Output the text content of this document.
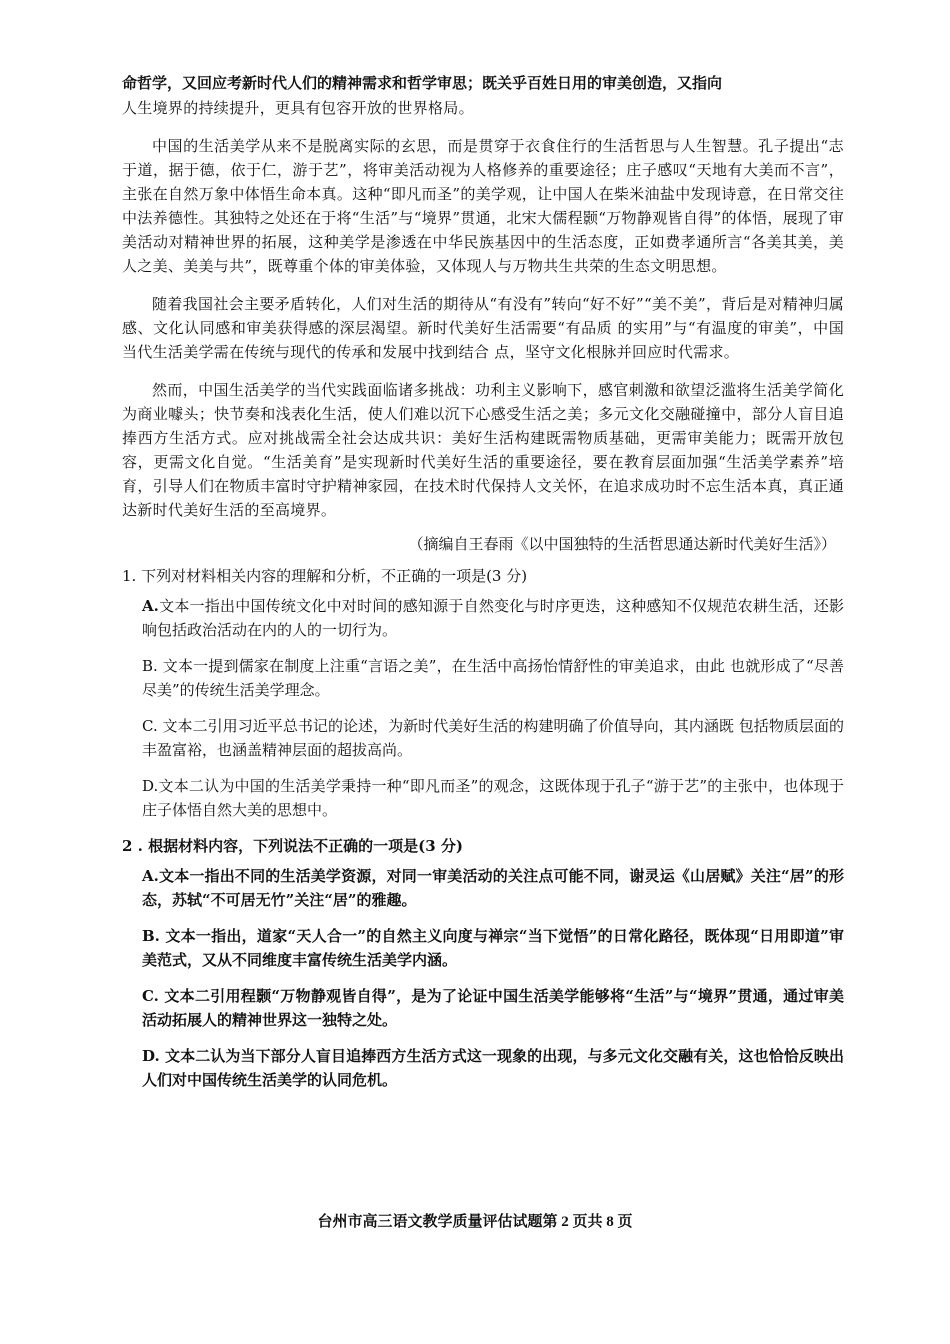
命哲学，又回应考新时代人们的精神需求和哲学审思；既关乎百姓日用的审美创造，又指向

人生境界的持续提升，更具有包容开放的世界格局。

中国的生活美学从来不是脱离实际的玄思，而是贯穿于衣食住行的生活哲思与人生智慧。孔子提出“志于道，据于德，依于仁，游于艺”，将审美活动视为人格修养的重要途径；庄子感叹“天地有大美而不言”，主张在自然万象中体悟生命本真。这种“即凡而圣”的美学观，让中国人在柴米油盐中发现诗意，在日常交往中法养德性。其独特之处还在于将“生活”与“境界”贯通，北宋大儒程颢“万物静观皆自得”的体悟，展现了审美活动对精神世界的拓展，这种美学是渗透在中华民族基因中的生活态度，正如费孝通所言“各美其美，美人之美、美美与共”，既尊重个体的审美体验，又体现人与万物共生共荣的生态文明思想。

随着我国社会主要矛盾转化，人们对生活的期待从“有没有”转向“好不好”“美不美”，背后是对精神归属感、文化认同感和审美获得感的深层渴望。新时代美好生活需要“有品质 的实用”与“有温度的审美”，中国当代生活美学需在传统与现代的传承和发展中找到结合 点，坚守文化根脉并回应时代需求。

然而，中国生活美学的当代实践面临诸多挑战：功利主义影响下，感官刺激和欲望泛滥将生活美学简化为商业噱头；快节奏和浅表化生活，使人们难以沉下心感受生活之美；多元文化交融碰撞中，部分人盲目追捧西方生活方式。应对挑战需全社会达成共识：美好生活构建既需物质基础，更需审美能力；既需开放包容，更需文化自觉。“生活美育”是实现新时代美好生活的重要途径，要在教育层面加强“生活美学素养”培育，引导人们在物质丰富时守护精神家园，在技术时代保持人文关怀，在追求成功时不忘生活本真，真正通达新时代美好生活的至高境界。

（摘编自王春雨《以中国独特的生活哲思通达新时代美好生活》）

1. 下列对材料相关内容的理解和分析，不正确的一项是(3 分)

A.文本一指出中国传统文化中对时间的感知源于自然变化与时序更迭，这种感知不仅规范农耕生活，还影响包括政治活动在内的人的一切行为。

B. 文本一提到儒家在制度上注重“言语之美”，在生活中高扬怡情舒性的审美追求，由此 也就形成了“尽善尽美”的传统生活美学理念。

C. 文本二引用习近平总书记的论述，为新时代美好生活的构建明确了价值导向，其内涵既 包括物质层面的丰盈富裕，也涵盖精神层面的超拔高尚。

D.文本二认为中国的生活美学秉持一种“即凡而圣”的观念，这既体现于孔子“游于艺”的主张中，也体现于庄子体悟自然大美的思想中。

2 . 根据材料内容，下列说法不正确的一项是(3 分)

A.文本一指出不同的生活美学资源，对同一审美活动的关注点可能不同，谢灵运《山居赋》关注“居”的形态，苏轼“不可居无竹”关注“居”的雅趣。

B. 文本一指出，道家“天人合一”的自然主义向度与禅宗“当下觉悟”的日常化路径，既体现“日用即道”审美范式，又从不同维度丰富传统生活美学内涵。

C. 文本二引用程颢“万物静观皆自得”，是为了论证中国生活美学能够将“生活”与“境界”贯通，通过审美活动拓展人的精神世界这一独特之处。

D. 文本二认为当下部分人盲目追捧西方生活方式这一现象的出现，与多元文化交融有关，这也恰恰反映出人们对中国传统生活美学的认同危机。

台州市高三语文教学质量评估试题第 2 页共 8 页
